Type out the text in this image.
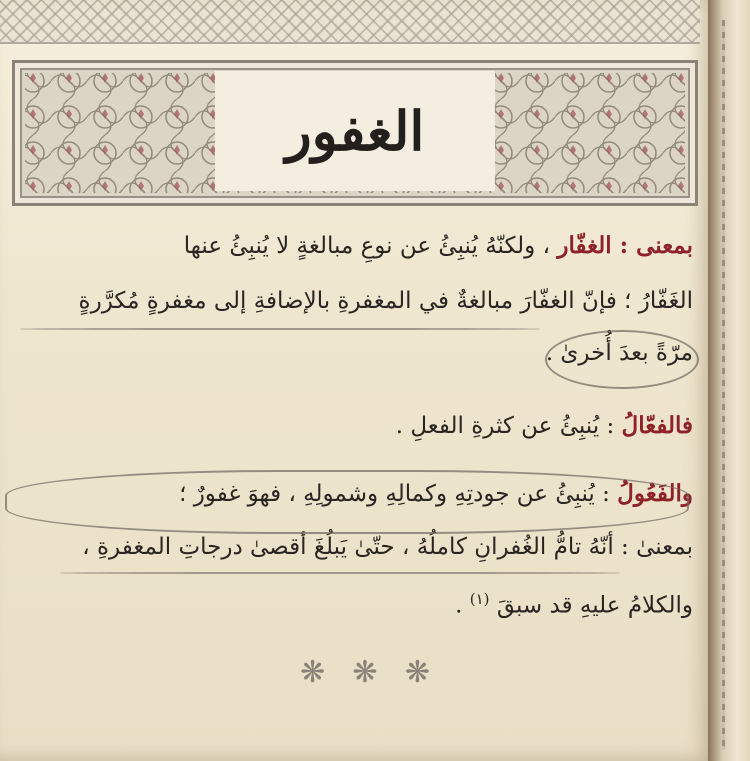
الغفور
بمعنى : الغفّار ، ولكنّهُ يُنبِئُ عن نوعِ مبالغةٍ لا يُنبِئُ عنها
الغَفّارُ ؛ فإنّ الغفّارَ مبالغةٌ في المغفرةِ بالإضافةِ إلى مغفرةٍ مُكرَّرةٍ
مرّةً بعدَ أُخرىٰ .
فالفعّالُ : يُنبِئُ عن كثرةِ الفعلِ .
والفَعُولُ : يُنبِئُ عن جودتِهِ وكمالِهِ وشمولِهِ ، فهوَ غفورٌ ؛
بمعنىٰ : أنّهُ تامُّ الغُفرانِ كاملُهُ ، حتّىٰ يَبلُغَ أقصىٰ درجاتِ المغفرةِ ،
والكلامُ عليهِ قد سبقَ $^{(١)}$ .
❋ ❋ ❋
